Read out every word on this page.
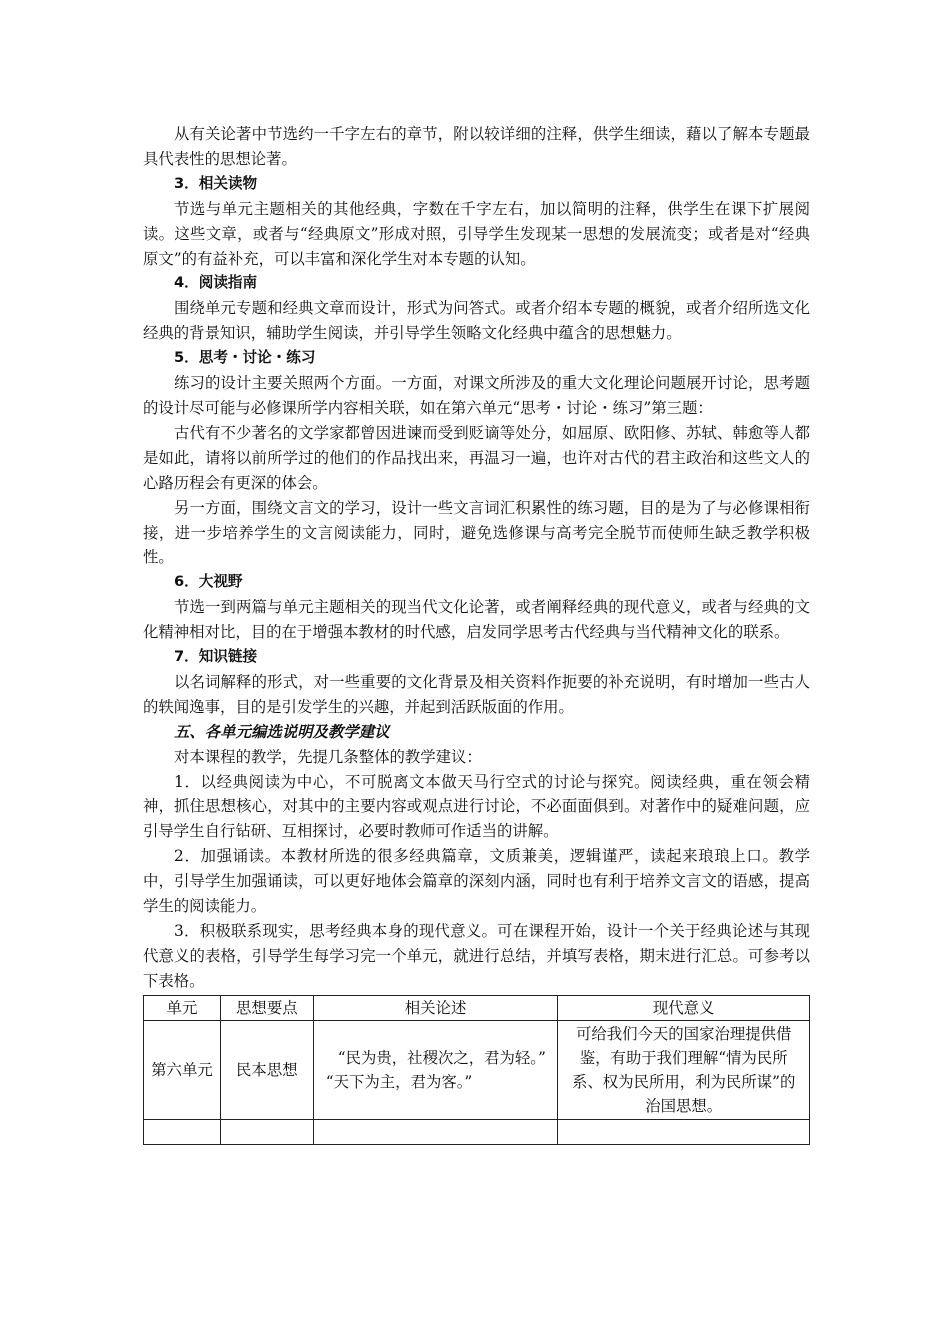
从有关论著中节选约一千字左右的章节，附以较详细的注释，供学生细读，藉以了解本专题最具代表性的思想论著。

3．相关读物

节选与单元主题相关的其他经典，字数在千字左右，加以简明的注释，供学生在课下扩展阅读。这些文章，或者与“经典原文”形成对照，引导学生发现某一思想的发展流变；或者是对“经典原文”的有益补充，可以丰富和深化学生对本专题的认知。

4．阅读指南

围绕单元专题和经典文章而设计，形式为问答式。或者介绍本专题的概貌，或者介绍所选文化经典的背景知识，辅助学生阅读，并引导学生领略文化经典中蕴含的思想魅力。

5．思考・讨论・练习

练习的设计主要关照两个方面。一方面，对课文所涉及的重大文化理论问题展开讨论，思考题的设计尽可能与必修课所学内容相关联，如在第六单元“思考・讨论・练习”第三题：

古代有不少著名的文学家都曾因进谏而受到贬谪等处分，如屈原、欧阳修、苏轼、韩愈等人都是如此，请将以前所学过的他们的作品找出来，再温习一遍，也许对古代的君主政治和这些文人的心路历程会有更深的体会。

另一方面，围绕文言文的学习，设计一些文言词汇积累性的练习题，目的是为了与必修课相衔接，进一步培养学生的文言阅读能力，同时，避免选修课与高考完全脱节而使师生缺乏教学积极性。

6．大视野

节选一到两篇与单元主题相关的现当代文化论著，或者阐释经典的现代意义，或者与经典的文化精神相对比，目的在于增强本教材的时代感，启发同学思考古代经典与当代精神文化的联系。

7．知识链接

以名词解释的形式，对一些重要的文化背景及相关资料作扼要的补充说明，有时增加一些古人的轶闻逸事，目的是引发学生的兴趣，并起到活跃版面的作用。

五、各单元编选说明及教学建议

对本课程的教学，先提几条整体的教学建议：

1．以经典阅读为中心，不可脱离文本做天马行空式的讨论与探究。阅读经典，重在领会精神，抓住思想核心，对其中的主要内容或观点进行讨论，不必面面俱到。对著作中的疑难问题，应引导学生自行钻研、互相探讨，必要时教师可作适当的讲解。

2．加强诵读。本教材所选的很多经典篇章，文质兼美，逻辑谨严，读起来琅琅上口。教学中，引导学生加强诵读，可以更好地体会篇章的深刻内涵，同时也有利于培养文言文的语感，提高学生的阅读能力。

3．积极联系现实，思考经典本身的现代意义。可在课程开始，设计一个关于经典论述与其现代意义的表格，引导学生每学习完一个单元，就进行总结，并填写表格，期末进行汇总。可参考以下表格。

单元	思想要点	相关论述	现代意义
第六单元	民本思想	“民为贵，社稷次之，君为轻。”
“天下为主，君为客。”	可给我们今天的国家治理提供借鉴，有助于我们理解“情为民所系、权为民所用，利为民所谋”的治国思想。
